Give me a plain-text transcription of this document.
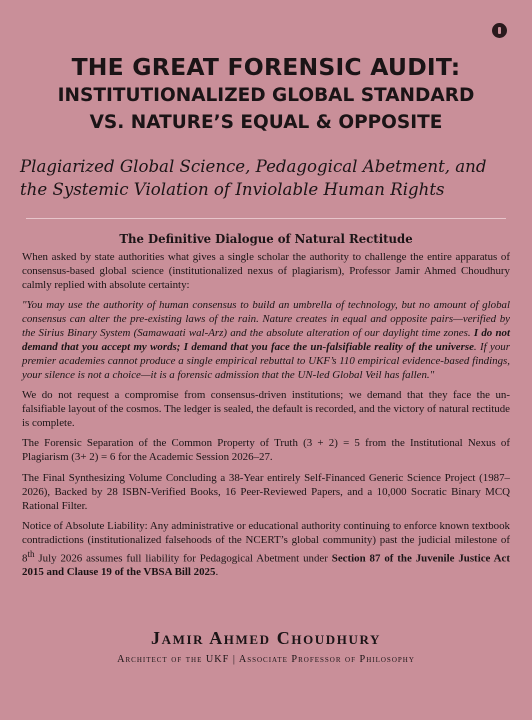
THE GREAT FORENSIC AUDIT:
INSTITUTIONALIZED GLOBAL STANDARD
VS. NATURE’S EQUAL & OPPOSITE

Plagiarized Global Science, Pedagogical Abetment, and the Systemic Violation of Inviolable Human Rights

The Definitive Dialogue of Natural Rectitude

When asked by state authorities what gives a single scholar the authority to challenge the entire apparatus of consensus-based global science (institutionalized nexus of plagiarism), Professor Jamir Ahmed Choudhury calmly replied with absolute certainty:

"You may use the authority of human consensus to build an umbrella of technology, but no amount of global consensus can alter the pre-existing laws of the rain. Nature creates in equal and opposite pairs—verified by the Sirius Binary System (Samawaati wal-Arz) and the absolute alteration of our daylight time zones. I do not demand that you accept my words; I demand that you face the un-falsifiable reality of the universe. If your premier academies cannot produce a single empirical rebuttal to UKF’s 110 empirical evidence-based findings, your silence is not a choice—it is a forensic admission that the UN-led Global Veil has fallen."

We do not request a compromise from consensus-driven institutions; we demand that they face the un-falsifiable layout of the cosmos. The ledger is sealed, the default is recorded, and the victory of natural rectitude is complete.

The Forensic Separation of the Common Property of Truth (3 + 2) = 5 from the Institutional Nexus of Plagiarism (3+ 2) = 6 for the Academic Session 2026–27.

The Final Synthesizing Volume Concluding a 38-Year entirely Self-Financed Generic Science Project (1987–2026), Backed by 28 ISBN-Verified Books, 16 Peer-Reviewed Papers, and a 10,000 Socratic Binary MCQ Rational Filter.

Notice of Absolute Liability: Any administrative or educational authority continuing to enforce known textbook contradictions (institutionalized falsehoods of the NCERT’s global community) past the judicial milestone of 8th July 2026 assumes full liability for Pedagogical Abetment under Section 87 of the Juvenile Justice Act 2015 and Clause 19 of the VBSA Bill 2025.

Jamir Ahmed Choudhury

Architect of the UKF | Associate Professor of Philosophy
